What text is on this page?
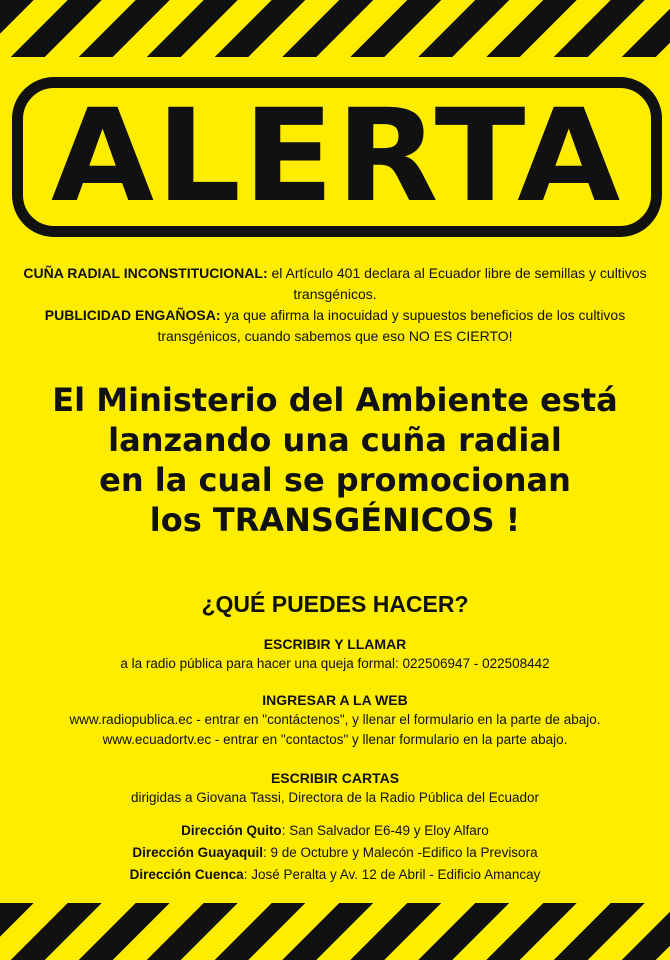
ALERTA

CUÑA RADIAL INCONSTITUCIONAL: el Artículo 401 declara al Ecuador libre de semillas y cultivos transgénicos.

PUBLICIDAD ENGAÑOSA: ya que afirma la inocuidad y supuestos beneficios de los cultivos transgénicos, cuando sabemos que eso NO ES CIERTO!

El Ministerio del Ambiente está
lanzando una cuña radial
en la cual se promocionan
los TRANSGÉNICOS !
¿QUÉ PUEDES HACER?
ESCRIBIR Y LLAMAR
a la radio pública para hacer una queja formal: 022506947 - 022508442
INGRESAR A LA WEB
www.radiopublica.ec - entrar en "contáctenos", y llenar el formulario en la parte de abajo.
www.ecuadortv.ec - entrar en "contactos" y llenar formulario en la parte abajo.
ESCRIBIR CARTAS
dirigidas a Giovana Tassi, Directora de la Radio Pública del Ecuador
Dirección Quito: San Salvador E6-49 y Eloy Alfaro
Dirección Guayaquil: 9 de Octubre y Malecón -Edifico la Previsora
Dirección Cuenca: José Peralta y Av. 12 de Abril - Edificio Amancay
